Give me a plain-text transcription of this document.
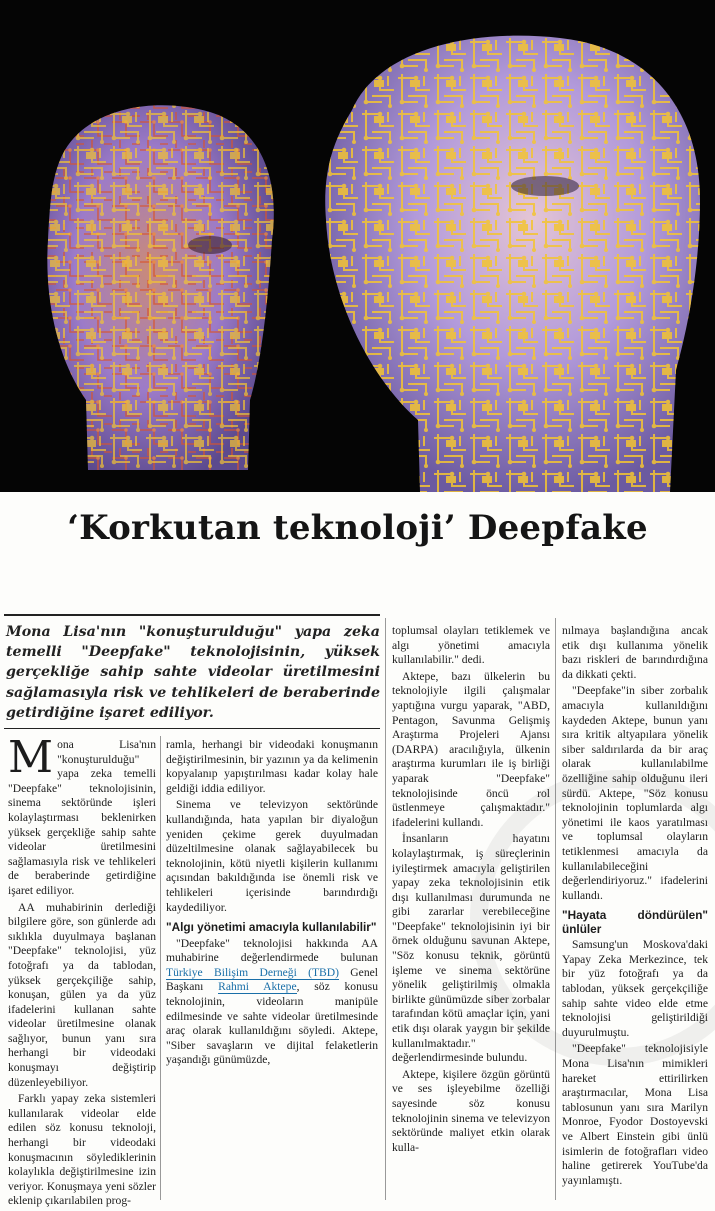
‘Korkutan teknoloji’ Deepfake
Mona Lisa'nın "konuşturulduğu" yapa zeka temelli "Deepfake" teknolojisinin, yüksek gerçekliğe sahip sahte videolar üretilmesini sağlamasıyla risk ve tehlikeleri de beraberinde getirdiğine işaret ediliyor.

Mona Lisa'nın "konuşturulduğu" yapa zeka temelli "Deepfake" teknolojisinin, sinema sektöründe işleri kolaylaştırması beklenirken yüksek gerçekliğe sahip sahte videolar üretilmesini sağlamasıyla risk ve tehlikeleri de beraberinde getirdiğine işaret ediliyor.

AA muhabirinin derlediği bilgilere göre, son günlerde adı sıklıkla duyulmaya başlanan "Deepfake" teknolojisi, yüz fotoğrafı ya da tablodan, yüksek gerçekçiliğe sahip, konuşan, gülen ya da yüz ifadelerini kullanan sahte videolar üretilmesine olanak sağlıyor, bunun yanı sıra herhangi bir videodaki konuşmayı değiştirip düzenleyebiliyor.

Farklı yapay zeka sistemleri kullanılarak videolar elde edilen söz konusu teknoloji, herhangi bir videodaki konuşmacının söylediklerinin kolaylıkla değiştirilmesine izin veriyor. Konuşmaya yeni sözler eklenip çıkarılabilen prog-

ramla, herhangi bir videodaki konuşmanın değiştirilmesinin, bir yazının ya da kelimenin kopyalanıp yapıştırılması kadar kolay hale geldiği iddia ediliyor.

Sinema ve televizyon sektöründe kullandığında, hata yapılan bir diyaloğun yeniden çekime gerek duyulmadan düzeltilmesine olanak sağlayabilecek bu teknolojinin, kötü niyetli kişilerin kullanımı açısından bakıldığında ise önemli risk ve tehlikeleri içerisinde barındırdığı kaydediliyor.

"Algı yönetimi amacıyla kullanılabilir"

"Deepfake" teknolojisi hakkında AA muhabirine değerlendirmede bulunan Türkiye Bilişim Derneği (TBD) Genel Başkanı Rahmi Aktepe, söz konusu teknolojinin, videoların manipüle edilmesinde ve sahte videolar üretilmesinde araç olarak kullanıldığını söyledi. Aktepe, "Siber savaşların ve dijital felaketlerin yaşandığı günümüzde,

toplumsal olayları tetiklemek ve algı yönetimi amacıyla kullanılabilir." dedi.

Aktepe, bazı ülkelerin bu teknolojiyle ilgili çalışmalar yaptığına vurgu yaparak, "ABD, Pentagon, Savunma Gelişmiş Araştırma Projeleri Ajansı (DARPA) aracılığıyla, ülkenin araştırma kurumları ile iş birliği yaparak "Deepfake" teknolojisinde öncü rol üstlenmeye çalışmaktadır." ifadelerini kullandı.

İnsanların hayatını kolaylaştırmak, iş süreçlerinin iyileştirmek amacıyla geliştirilen yapay zeka teknolojisinin etik dışı kullanılması durumunda ne gibi zararlar verebileceğine "Deepfake" teknolojisinin iyi bir örnek olduğunu savunan Aktepe, "Söz konusu teknik, görüntü işleme ve sinema sektörüne yönelik geliştirilmiş olmakla birlikte günümüzde siber zorbalar tarafından kötü amaçlar için, yani etik dışı olarak yaygın bir şekilde kullanılmaktadır." değerlendirmesinde bulundu.

Aktepe, kişilere özgün görüntü ve ses işleyebilme özelliği sayesinde söz konusu teknolojinin sinema ve televizyon sektöründe maliyet etkin olarak kulla-

nılmaya başlandığına ancak etik dışı kullanıma yönelik bazı riskleri de barındırdığına da dikkati çekti.

"Deepfake"in siber zorbalık amacıyla kullanıldığını kaydeden Aktepe, bunun yanı sıra kritik altyapılara yönelik siber saldırılarda da bir araç olarak kullanılabilme özelliğine sahip olduğunu ileri sürdü. Aktepe, "Söz konusu teknolojinin toplumlarda algı yönetimi ile kaos yaratılması ve toplumsal olayların tetiklenmesi amacıyla da kullanılabileceğini değerlendiriyoruz." ifadelerini kullandı.

"Hayata döndürülen" ünlüler

Samsung'un Moskova'daki Yapay Zeka Merkezince, tek bir yüz fotoğrafı ya da tablodan, yüksek gerçekçiliğe sahip sahte video elde etme teknolojisi geliştirildiği duyurulmuştu.

"Deepfake" teknolojisiyle Mona Lisa'nın mimikleri hareket ettirilirken araştırmacılar, Mona Lisa tablosunun yanı sıra Marilyn Monroe, Fyodor Dostoyevski ve Albert Einstein gibi ünlü isimlerin de fotoğrafları video haline getirerek YouTube'da yayınlamıştı.
